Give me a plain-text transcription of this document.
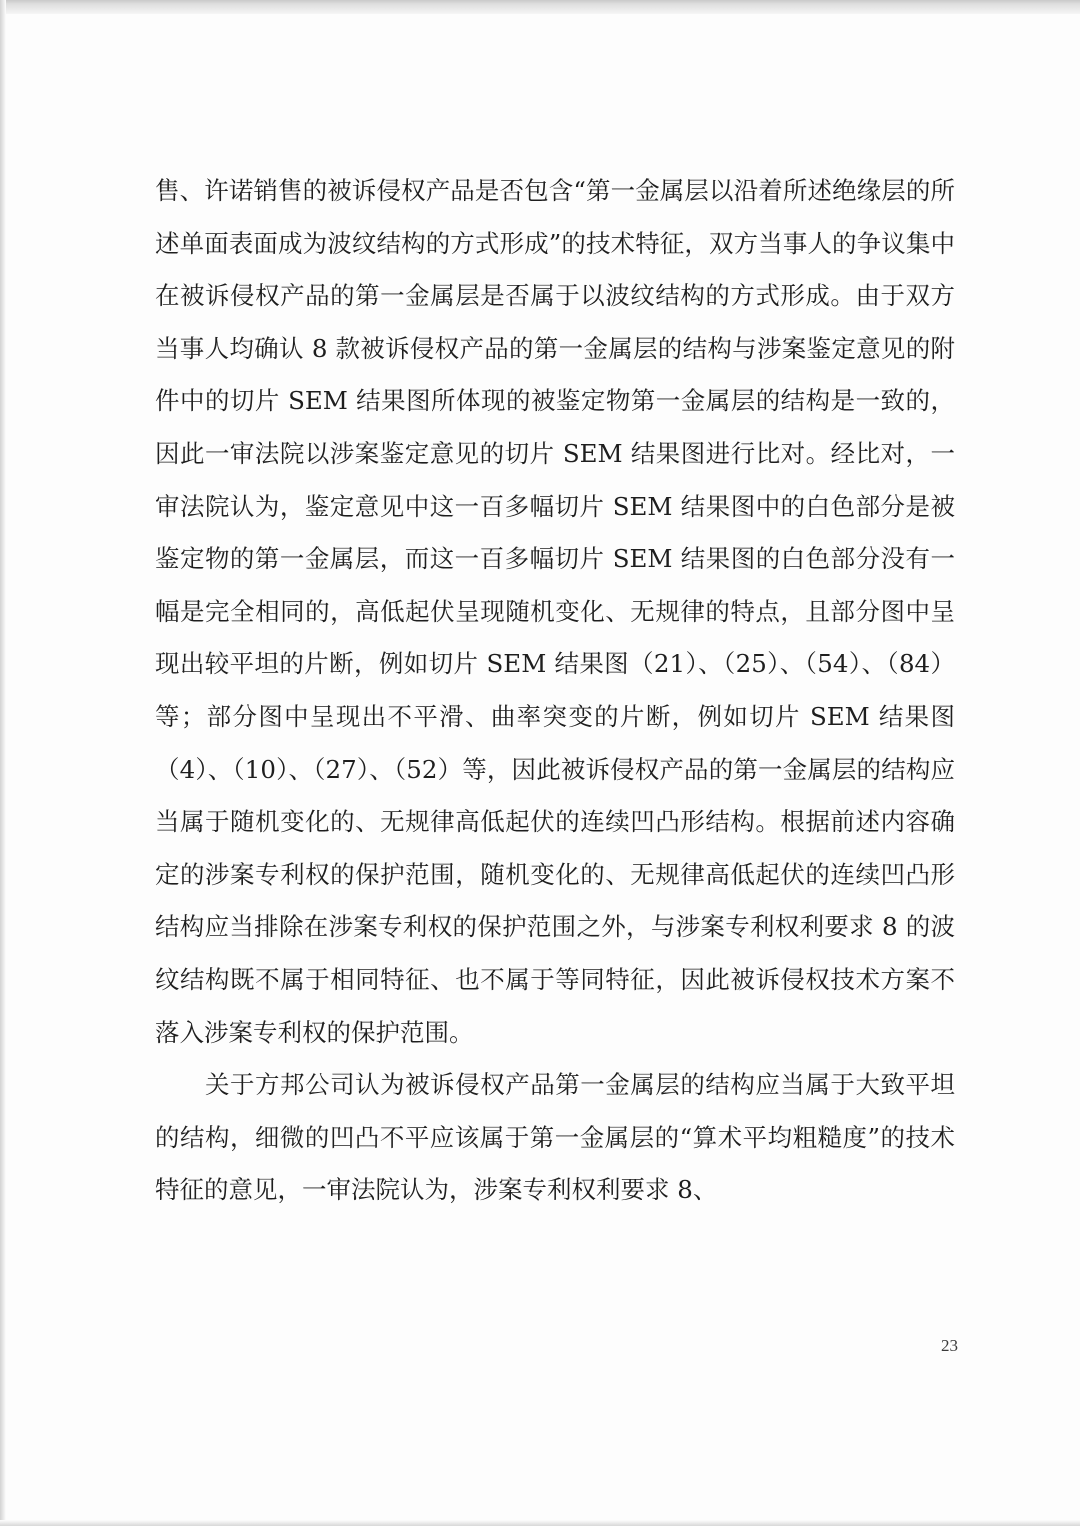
售、许诺销售的被诉侵权产品是否包含“第一金属层以沿着所述绝缘层的所述单面表面成为波纹结构的方式形成”的技术特征，双方当事人的争议集中在被诉侵权产品的第一金属层是否属于以波纹结构的方式形成。由于双方当事人均确认 8 款被诉侵权产品的第一金属层的结构与涉案鉴定意见的附件中的切片 SEM 结果图所体现的被鉴定物第一金属层的结构是一致的，因此一审法院以涉案鉴定意见的切片 SEM 结果图进行比对。经比对，一审法院认为，鉴定意见中这一百多幅切片 SEM 结果图中的白色部分是被鉴定物的第一金属层，而这一百多幅切片 SEM 结果图的白色部分没有一幅是完全相同的，高低起伏呈现随机变化、无规律的特点，且部分图中呈现出较平坦的片断，例如切片 SEM 结果图（21）、（25）、（54）、（84）等；部分图中呈现出不平滑、曲率突变的片断，例如切片 SEM 结果图（4）、（10）、（27）、（52）等，因此被诉侵权产品的第一金属层的结构应当属于随机变化的、无规律高低起伏的连续凹凸形结构。根据前述内容确定的涉案专利权的保护范围，随机变化的、无规律高低起伏的连续凹凸形结构应当排除在涉案专利权的保护范围之外，与涉案专利权利要求 8 的波纹结构既不属于相同特征、也不属于等同特征，因此被诉侵权技术方案不落入涉案专利权的保护范围。

关于方邦公司认为被诉侵权产品第一金属层的结构应当属于大致平坦的结构，细微的凹凸不平应该属于第一金属层的“算术平均粗糙度”的技术特征的意见，一审法院认为，涉案专利权利要求 8、

23
